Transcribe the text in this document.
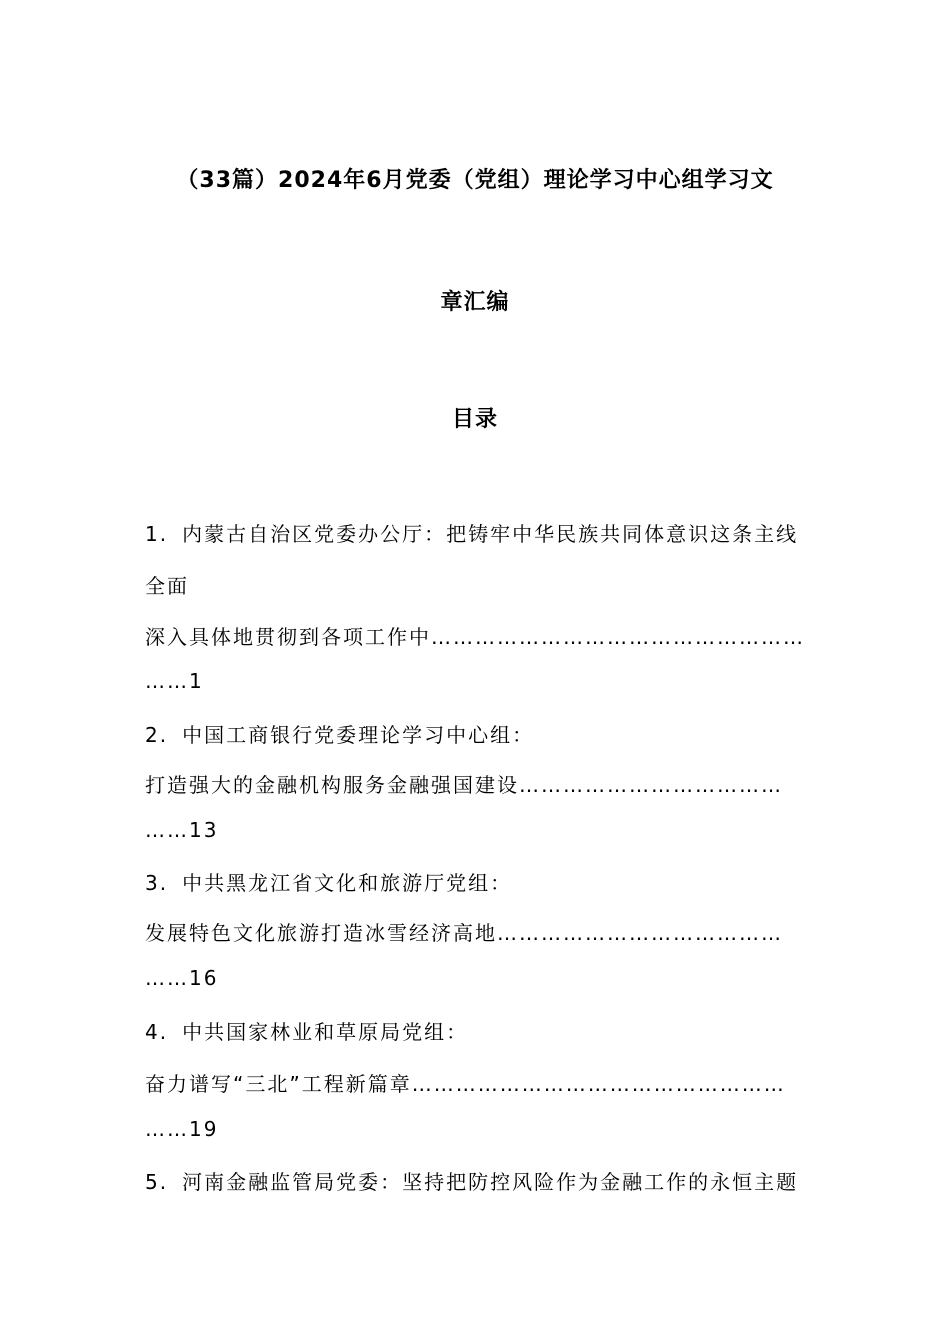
（33篇）2024年6月党委（党组）理论学习中心组学习文
章汇编
目录
1. 内蒙古自治区党委办公厅：把铸牢中华民族共同体意识这条主线
全面
深入具体地贯彻到各项工作中……………………………………………
……1
2. 中国工商银行党委理论学习中心组：
打造强大的金融机构服务金融强国建设………………………………
……13
3. 中共黑龙江省文化和旅游厅党组：
发展特色文化旅游打造冰雪经济高地…………………………………
……16
4. 中共国家林业和草原局党组：
奋力谱写“三北”工程新篇章……………………………………………
……19
5. 河南金融监管局党委：坚持把防控风险作为金融工作的永恒主题
